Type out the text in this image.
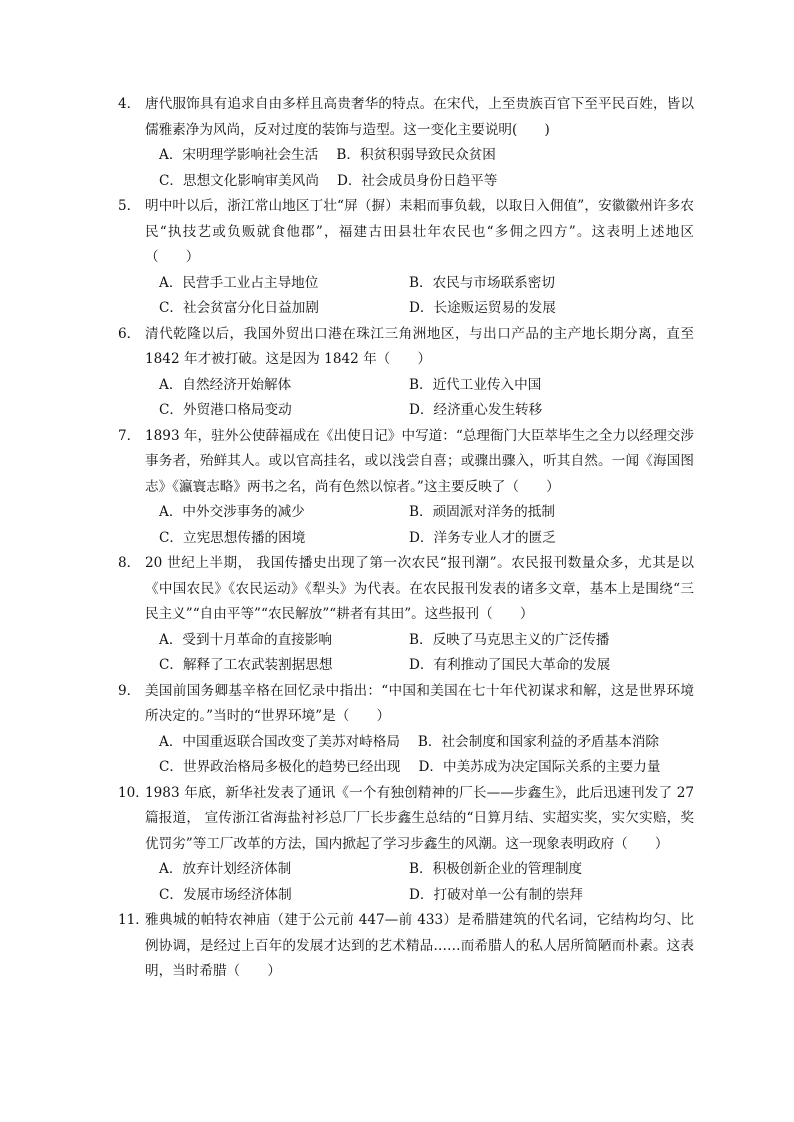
4． 唐代服饰具有追求自由多样且高贵奢华的特点。在宋代，上至贵族百官下至平民百姓，皆以儒雅素净为风尚，反对过度的装饰与造型。这一变化主要说明(　　)

A．宋明理学影响社会生活 B．积贫积弱导致民众贫困
C．思想文化影响审美风尚 D．社会成员身份日趋平等

5． 明中叶以后，浙江常山地区丁壮“屏（摒）耒耜而事负载，以取日入佣值”，安徽徽州许多农民“执技艺或负贩就食他郡”，福建古田县壮年农民也“多佣之四方”。这表明上述地区（　　）

A．民营手工业占主导地位	B．农民与市场联系密切
C．社会贫富分化日益加剧	D．长途贩运贸易的发展

6． 清代乾隆以后，我国外贸出口港在珠江三角洲地区，与出口产品的主产地长期分离，直至 1842 年才被打破。这是因为 1842 年（　　）

A．自然经济开始解体	B．近代工业传入中国
C．外贸港口格局变动	D．经济重心发生转移

7． 1893 年，驻外公使薛福成在《出使日记》中写道：“总理衙门大臣萃毕生之全力以经理交涉事务者，殆鲜其人。或以官高挂名，或以浅尝自喜；或骤出骤入，听其自然。一闻《海国图志》《瀛寰志略》两书之名，尚有色然以惊者。”这主要反映了（　　）

A．中外交涉事务的减少	B．顽固派对洋务的抵制
C．立宪思想传播的困境	D．洋务专业人才的匮乏

8． 20 世纪上半期， 我国传播史出现了第一次农民“报刊潮”。农民报刊数量众多，尤其是以 《中国农民》《农民运动》《犁头》为代表。在农民报刊发表的诸多文章，基本上是围绕“三民主义”“自由平等”“农民解放”“耕者有其田”。这些报刊（　　）

A．受到十月革命的直接影响	B．反映了马克思主义的广泛传播
C．解释了工农武装割据思想	D．有利推动了国民大革命的发展

9． 美国前国务卿基辛格在回忆录中指出：“中国和美国在七十年代初谋求和解，这是世界环境所决定的。”当时的“世界环境”是（　　）

A．中国重返联合国改变了美苏对峙格局 B．社会制度和国家利益的矛盾基本消除
C．世界政治格局多极化的趋势已经出现 D．中美苏成为决定国际关系的主要力量

10．
1983 年底，新华社发表了通讯《一个有独创精神的厂长——步鑫生》，此后迅速刊发了 27 篇报道， 宣传浙江省海盐衬衫总厂厂长步鑫生总结的“日算月结、实超实奖，实欠实赔，奖优罚劣”等工厂改革的方法，国内掀起了学习步鑫生的风潮。这一现象表明政府（　　）

A．放弃计划经济体制	B．积极创新企业的管理制度
C．发展市场经济体制	D．打破对单一公有制的崇拜

11．
雅典城的帕特农神庙（建于公元前 447—前 433）是希腊建筑的代名词，它结构均匀、比例协调，是经过上百年的发展才达到的艺术精品……而希腊人的私人居所简陋而朴素。这表明，当时希腊（　　）
